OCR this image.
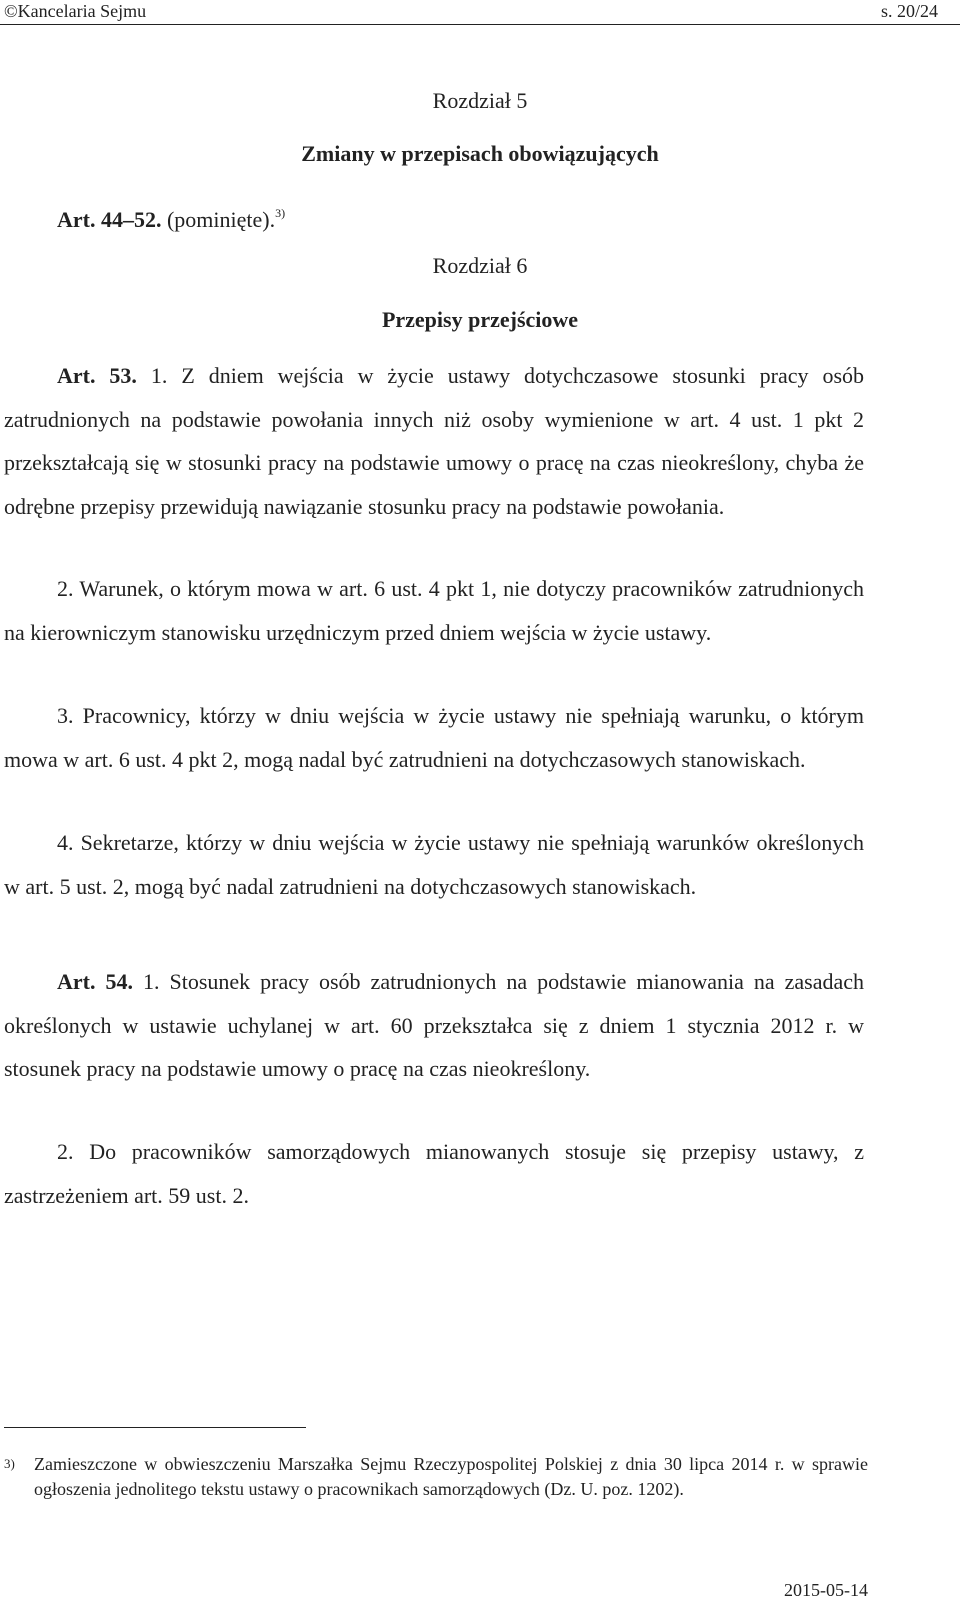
©Kancelaria Sejmu	s. 20/24
Rozdział 5
Zmiany w przepisach obowiązujących
Art. 44–52. (pominięte).$^{3)}$
Rozdział 6
Przepisy przejściowe
Art. 53. 1. Z dniem wejścia w życie ustawy dotychczasowe stosunki pracy osób zatrudnionych na podstawie powołania innych niż osoby wymienione w art. 4 ust. 1 pkt 2 przekształcają się w stosunki pracy na podstawie umowy o pracę na czas nieokreślony, chyba że odrębne przepisy przewidują nawiązanie stosunku pracy na podstawie powołania.
2. Warunek, o którym mowa w art. 6 ust. 4 pkt 1, nie dotyczy pracowników zatrudnionych na kierowniczym stanowisku urzędniczym przed dniem wejścia w życie ustawy.
3. Pracownicy, którzy w dniu wejścia w życie ustawy nie spełniają warunku, o którym mowa w art. 6 ust. 4 pkt 2, mogą nadal być zatrudnieni na dotychczasowych stanowiskach.
4. Sekretarze, którzy w dniu wejścia w życie ustawy nie spełniają warunków określonych w art. 5 ust. 2, mogą być nadal zatrudnieni na dotychczasowych stanowiskach.
Art. 54. 1. Stosunek pracy osób zatrudnionych na podstawie mianowania na zasadach określonych w ustawie uchylanej w art. 60 przekształca się z dniem 1 stycznia 2012 r. w stosunek pracy na podstawie umowy o pracę na czas nieokreślony.
2. Do pracowników samorządowych mianowanych stosuje się przepisy ustawy, z zastrzeżeniem art. 59 ust. 2.
3) Zamieszczone w obwieszczeniu Marszałka Sejmu Rzeczypospolitej Polskiej z dnia 30 lipca 2014 r. w sprawie ogłoszenia jednolitego tekstu ustawy o pracownikach samorządowych (Dz. U. poz. 1202).
2015-05-14
